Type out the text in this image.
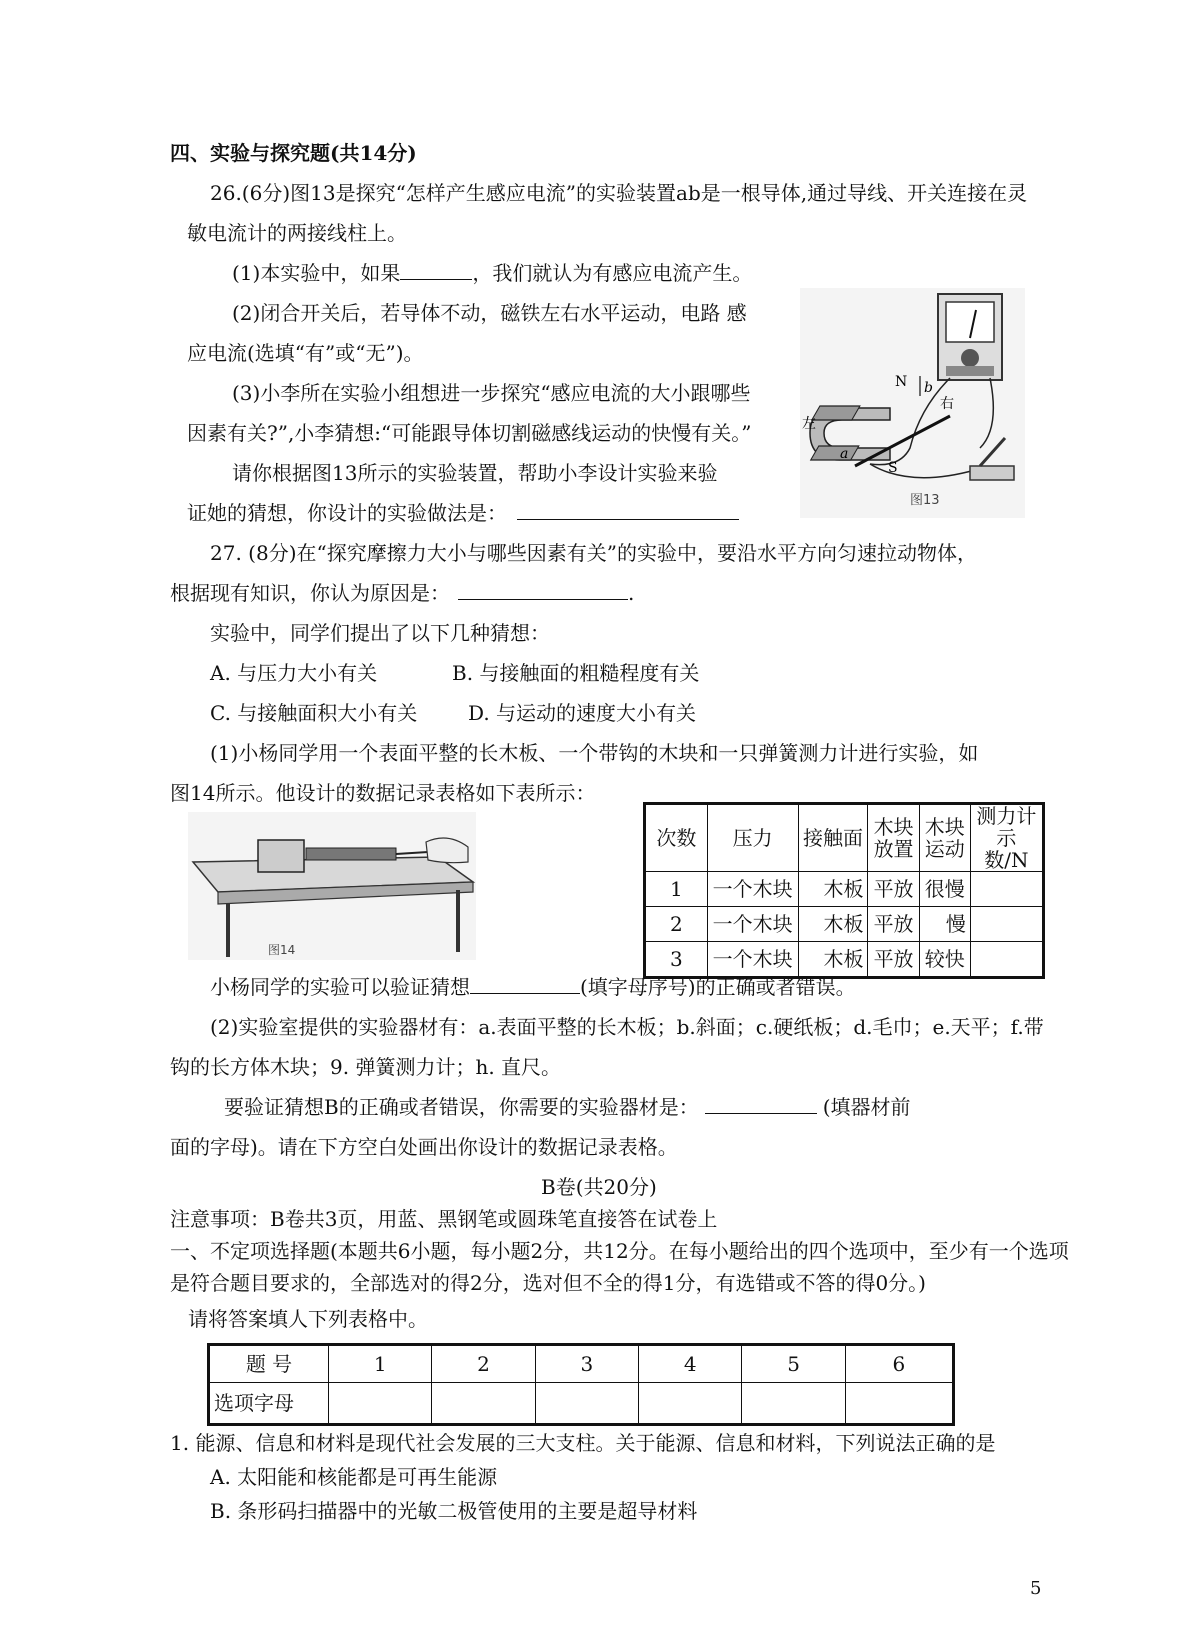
四、实验与探究题(共14分)
26.(6分)图13是探究“怎样产生感应电流”的实验装置ab是一根导体,通过导线、开关连接在灵
敏电流计的两接线柱上。
(1)本实验中，如果	，我们就认为有感应电流产生。
(2)闭合开关后，若导体不动，磁铁左右水平运动，电路 感
应电流(选填“有”或“无”)。
(3)小李所在实验小组想进一步探究“感应电流的大小跟哪些
因素有关?”,小李猜想:“可能跟导体切割磁感线运动的快慢有关。”
请你根据图13所示的实验装置，帮助小李设计实验来验
证她的猜想，你设计的实验做法是：
N b
右
左
a
S
图13
27. (8分)在“探究摩擦力大小与哪些因素有关”的实验中，要沿水平方向匀速拉动物体，
根据现有知识，你认为原因是：	.
实验中，同学们提出了以下几种猜想：
A. 与压力大小有关	B. 与接触面的粗糙程度有关
C. 与接触面积大小有关	D. 与运动的速度大小有关
(1)小杨同学用一个表面平整的长木板、一个带钩的木块和一只弹簧测力计进行实验，如
图14所示。他设计的数据记录表格如下表所示：
图14
次数	压力	接触面	木块放置	木块运动	测力计示数/N
1	一个木块	木板	平放	很慢	
2	一个木块	木板	平放	慢	
3	一个木块	木板	平放	较快	
小杨同学的实验可以验证猜想	(填字母序号)的正确或者错误。
(2)实验室提供的实验器材有：a.表面平整的长木板；b.斜面；c.硬纸板；d.毛巾；e.天平；f.带
钩的长方体木块；9. 弹簧测力计；h. 直尺。
要验证猜想B的正确或者错误，你需要的实验器材是：	(填器材前
面的字母)。请在下方空白处画出你设计的数据记录表格。
B卷(共20分)
注意事项：B卷共3页，用蓝、黑钢笔或圆珠笔直接答在试卷上
一、不定项选择题(本题共6小题，每小题2分，共12分。在每小题给出的四个选项中，至少有一个选项
是符合题目要求的，全部选对的得2分，选对但不全的得1分，有选错或不答的得0分。)
请将答案填人下列表格中。
题 号	1	2	3	4	5	6
选项字母						
1. 能源、信息和材料是现代社会发展的三大支柱。关于能源、信息和材料，下列说法正确的是
A. 太阳能和核能都是可再生能源
B. 条形码扫描器中的光敏二极管使用的主要是超导材料
5
